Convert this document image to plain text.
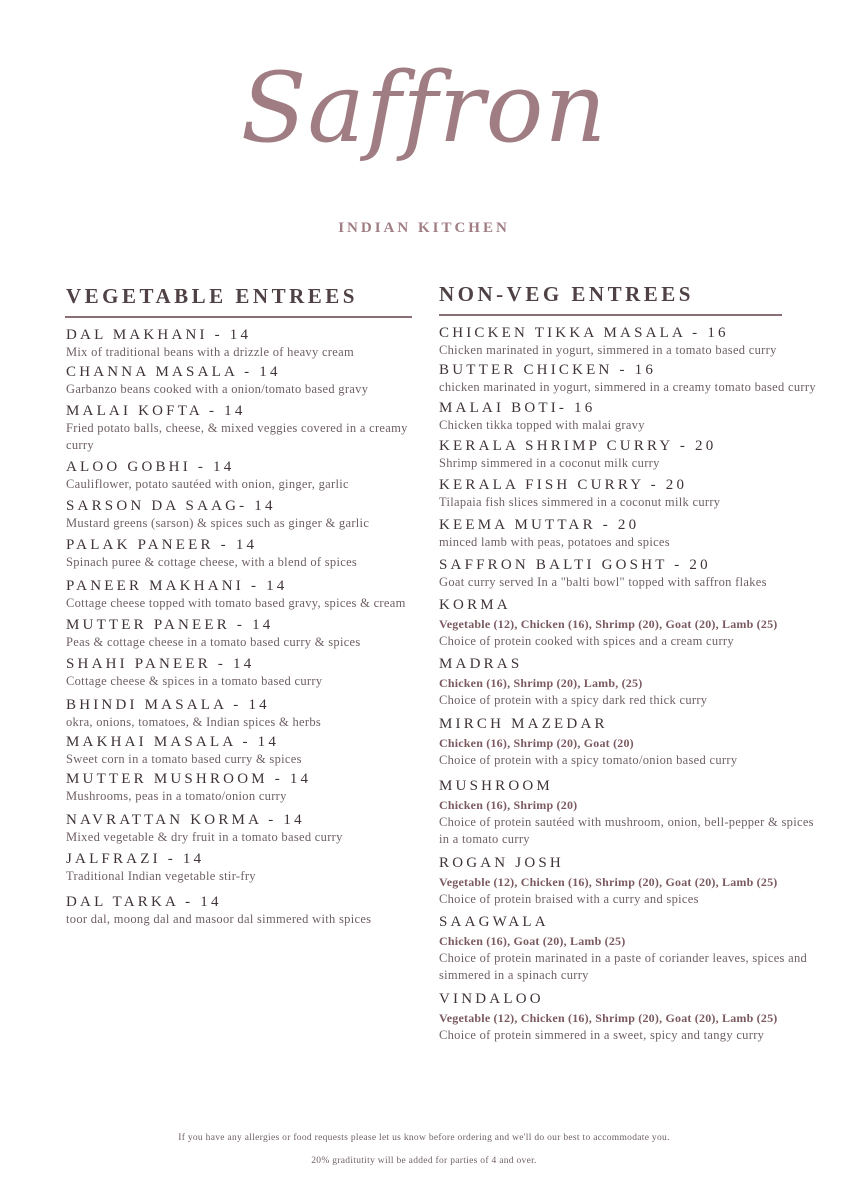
Saffron
INDIAN KITCHEN
VEGETABLE ENTREES
DAL MAKHANI - 14
Mix of traditional beans with a drizzle of heavy cream
CHANNA MASALA - 14
Garbanzo beans cooked with a onion/tomato based gravy
MALAI KOFTA - 14
Fried potato balls, cheese, & mixed veggies covered in a creamy curry
ALOO GOBHI - 14
Cauliflower, potato sautéed with onion, ginger, garlic
SARSON DA SAAG- 14
Mustard greens (sarson) & spices such as ginger & garlic
PALAK PANEER - 14
Spinach puree & cottage cheese, with a blend of spices
PANEER MAKHANI - 14
Cottage cheese topped with tomato based gravy, spices & cream
MUTTER PANEER - 14
Peas & cottage cheese in a tomato based curry & spices
SHAHI PANEER - 14
Cottage cheese & spices in a tomato based curry
BHINDI MASALA - 14
okra, onions, tomatoes, & Indian spices & herbs
MAKHAI MASALA - 14
Sweet corn in a tomato based curry & spices
MUTTER MUSHROOM - 14
Mushrooms, peas in a tomato/onion curry
NAVRATTAN KORMA - 14
Mixed vegetable & dry fruit in a tomato based curry
JALFRAZI - 14
Traditional Indian vegetable stir-fry
DAL TARKA - 14
toor dal, moong dal and masoor dal simmered with spices
NON-VEG ENTREES
CHICKEN TIKKA MASALA - 16
Chicken marinated in yogurt, simmered in a tomato based curry
BUTTER CHICKEN - 16
chicken marinated in yogurt, simmered in a creamy tomato based curry
MALAI BOTI- 16
Chicken tikka topped with malai gravy
KERALA SHRIMP CURRY - 20
Shrimp simmered in a coconut milk curry
KERALA FISH CURRY - 20
Tilapaia fish slices simmered in a coconut milk curry
KEEMA MUTTAR - 20
minced lamb with peas, potatoes and spices
SAFFRON BALTI GOSHT - 20
Goat curry served In a "balti bowl" topped with saffron flakes
KORMA
Vegetable (12), Chicken (16), Shrimp (20), Goat (20), Lamb (25)
Choice of protein cooked with spices and a cream curry
MADRAS
Chicken (16), Shrimp (20), Lamb, (25)
Choice of protein with a spicy dark red thick curry
MIRCH MAZEDAR
Chicken (16), Shrimp (20), Goat (20)
Choice of protein with a spicy tomato/onion based curry
MUSHROOM
Chicken (16), Shrimp (20)
Choice of protein sautéed with mushroom, onion, bell-pepper & spices in a tomato curry
ROGAN JOSH
Vegetable (12), Chicken (16), Shrimp (20), Goat (20), Lamb (25)
Choice of protein braised with a curry and spices
SAAGWALA
Chicken (16), Goat (20), Lamb (25)
Choice of protein marinated in a paste of coriander leaves, spices and simmered in a spinach curry
VINDALOO
Vegetable (12), Chicken (16), Shrimp (20), Goat (20), Lamb (25)
Choice of protein simmered in a sweet, spicy and tangy curry
If you have any allergies or food requests please let us know before ordering and we'll do our best to accommodate you.
20% graditutity will be added for parties of 4 and over.
